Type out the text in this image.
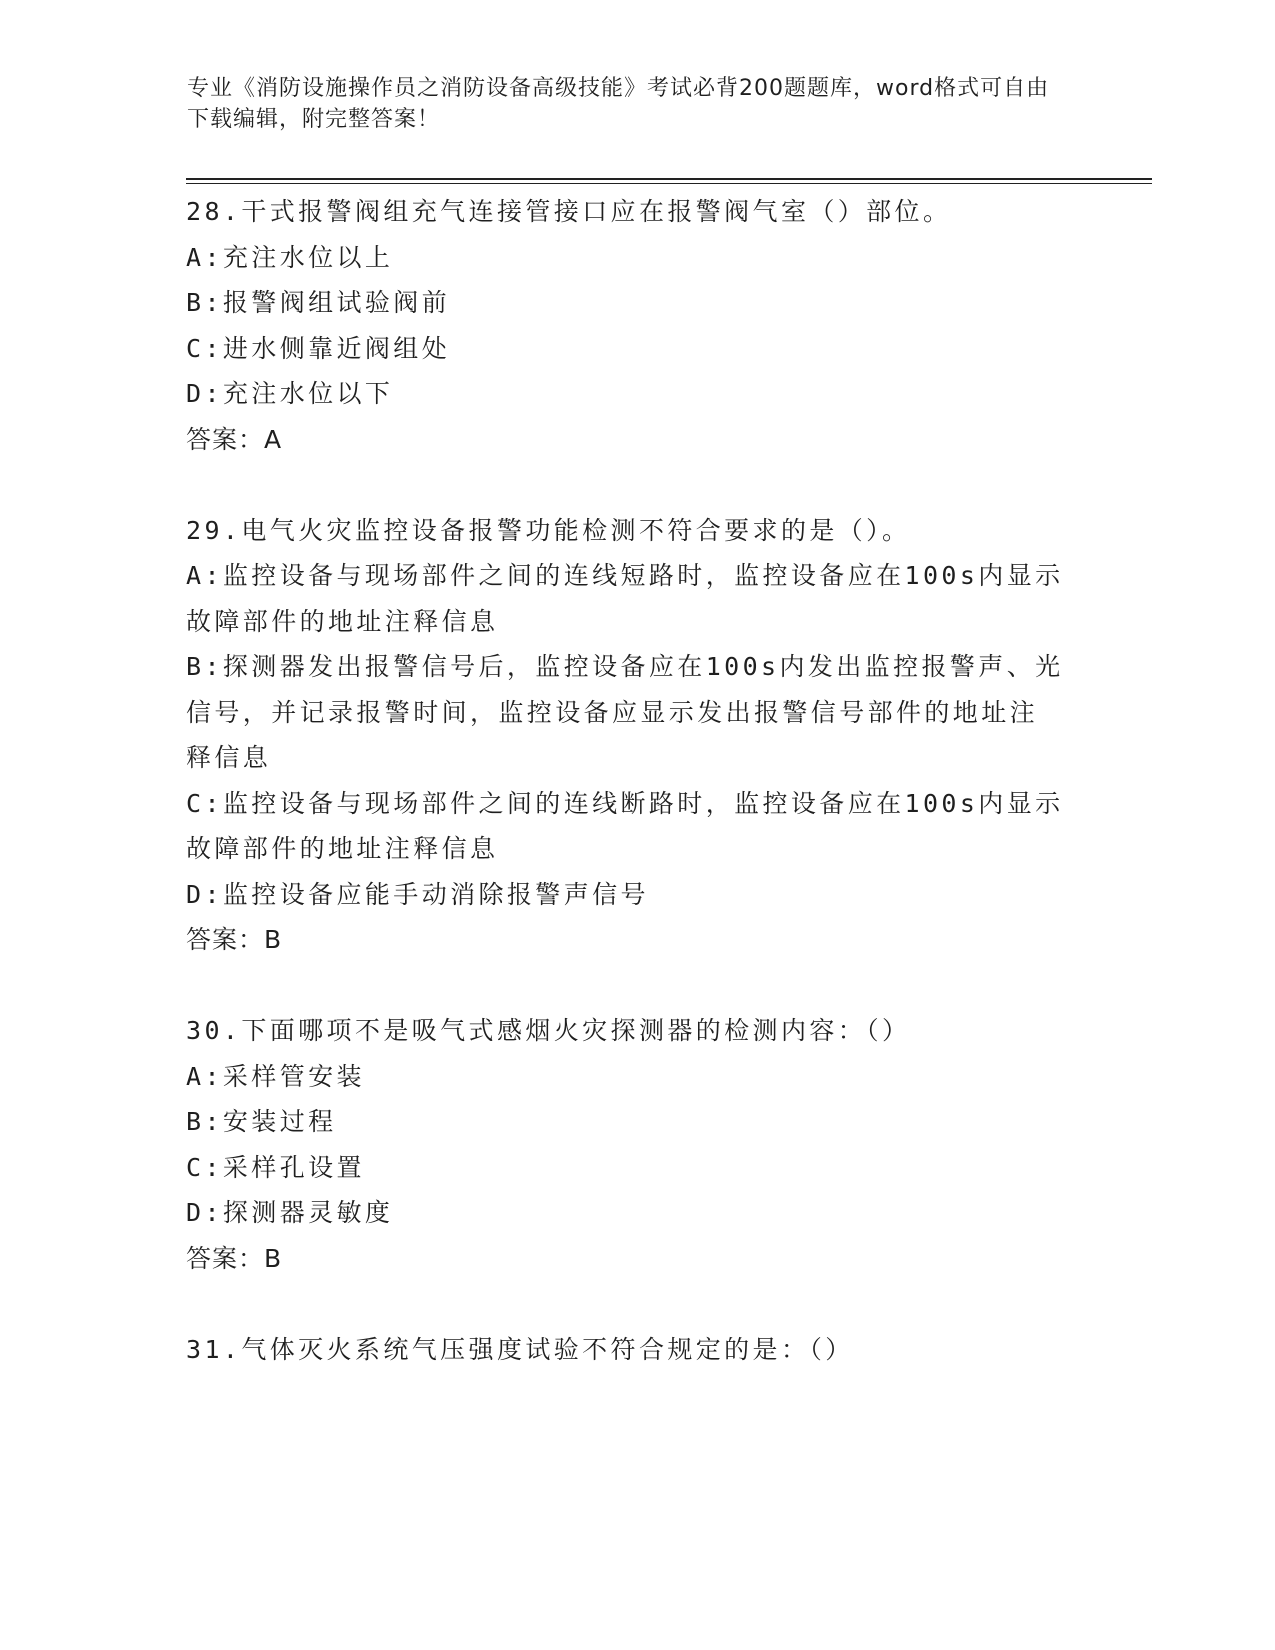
专业《消防设施操作员之消防设备高级技能》考试必背200题题库，word格式可自由下载编辑，附完整答案！
28.干式报警阀组充气连接管接口应在报警阀气室（）部位。
A:充注水位以上
B:报警阀组试验阀前
C:进水侧靠近阀组处
D:充注水位以下
答案：A
29.电气火灾监控设备报警功能检测不符合要求的是（）。
A:监控设备与现场部件之间的连线短路时，监控设备应在100s内显示故障部件的地址注释信息
B:探测器发出报警信号后，监控设备应在100s内发出监控报警声、光信号，并记录报警时间，监控设备应显示发出报警信号部件的地址注释信息
C:监控设备与现场部件之间的连线断路时，监控设备应在100s内显示故障部件的地址注释信息
D:监控设备应能手动消除报警声信号
答案：B
30.下面哪项不是吸气式感烟火灾探测器的检测内容：（）
A:采样管安装
B:安装过程
C:采样孔设置
D:探测器灵敏度
答案：B
31.气体灭火系统气压强度试验不符合规定的是：（）
